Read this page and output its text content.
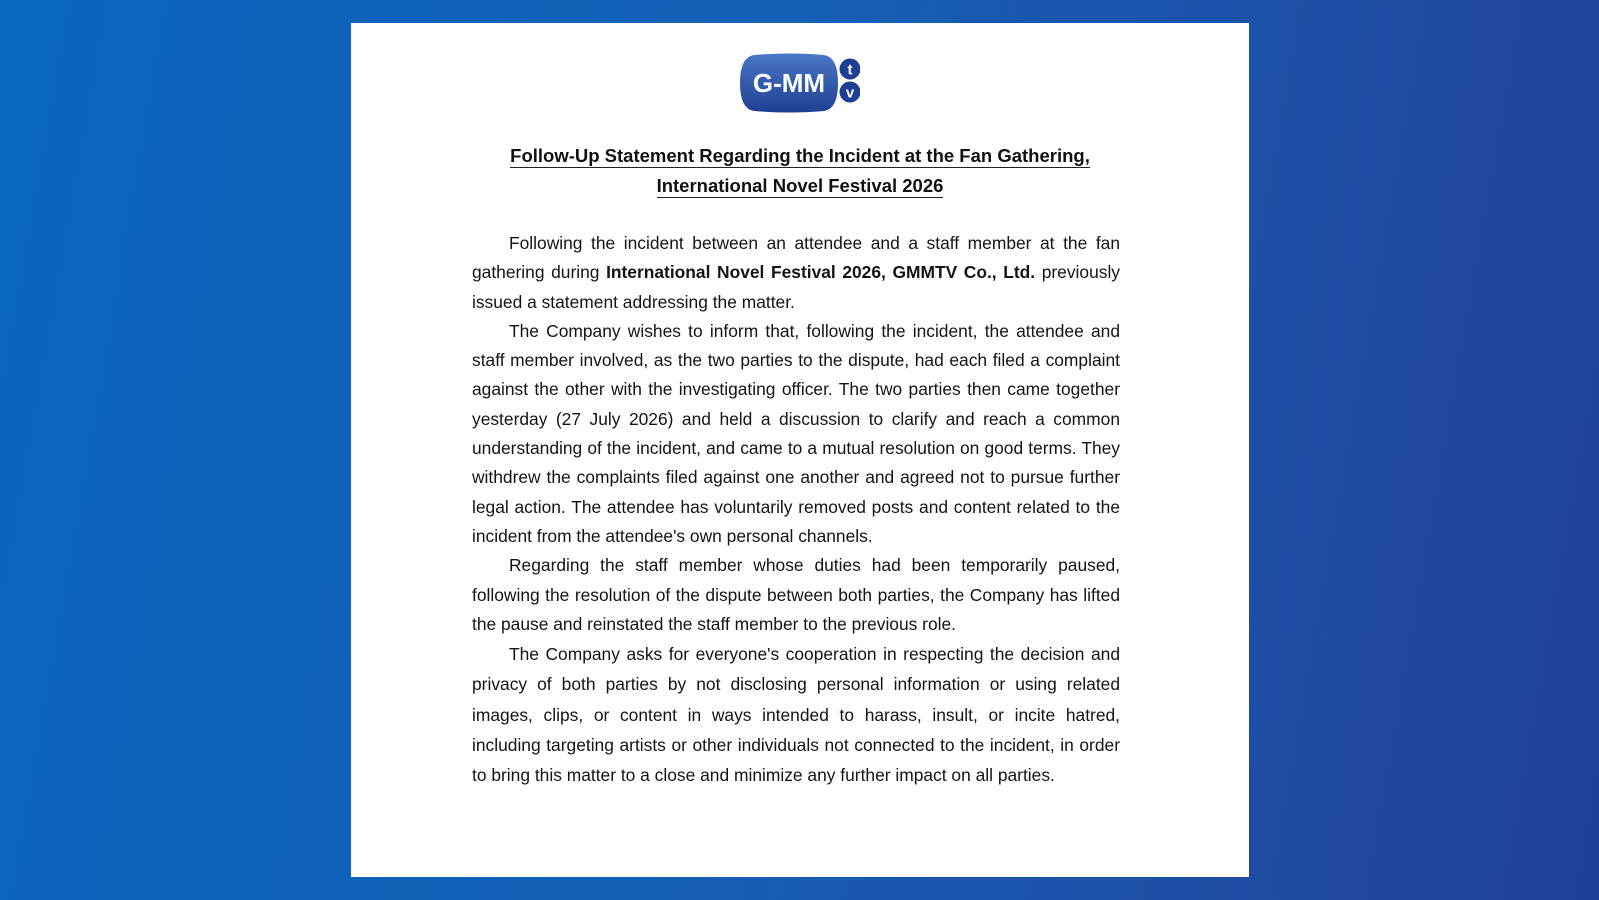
G-MM t
v
Follow-Up Statement Regarding the Incident at the Fan Gathering,
International Novel Festival 2026

Following the incident between an attendee and a staff member at the fan gathering during International Novel Festival 2026, GMMTV Co., Ltd. previously issued a statement addressing the matter.

The Company wishes to inform that, following the incident, the attendee and staff member involved, as the two parties to the dispute, had each filed a complaint against the other with the investigating officer. The two parties then came together yesterday (27 July 2026) and held a discussion to clarify and reach a common understanding of the incident, and came to a mutual resolution on good terms. They withdrew the complaints filed against one another and agreed not to pursue further legal action. The attendee has voluntarily removed posts and content related to the incident from the attendee's own personal channels.

Regarding the staff member whose duties had been temporarily paused, following the resolution of the dispute between both parties, the Company has lifted the pause and reinstated the staff member to the previous role.

The Company asks for everyone's cooperation in respecting the decision and privacy of both parties by not disclosing personal information or using related images, clips, or content in ways intended to harass, insult, or incite hatred, including targeting artists or other individuals not connected to the incident, in order to bring this matter to a close and minimize any further impact on all parties.
